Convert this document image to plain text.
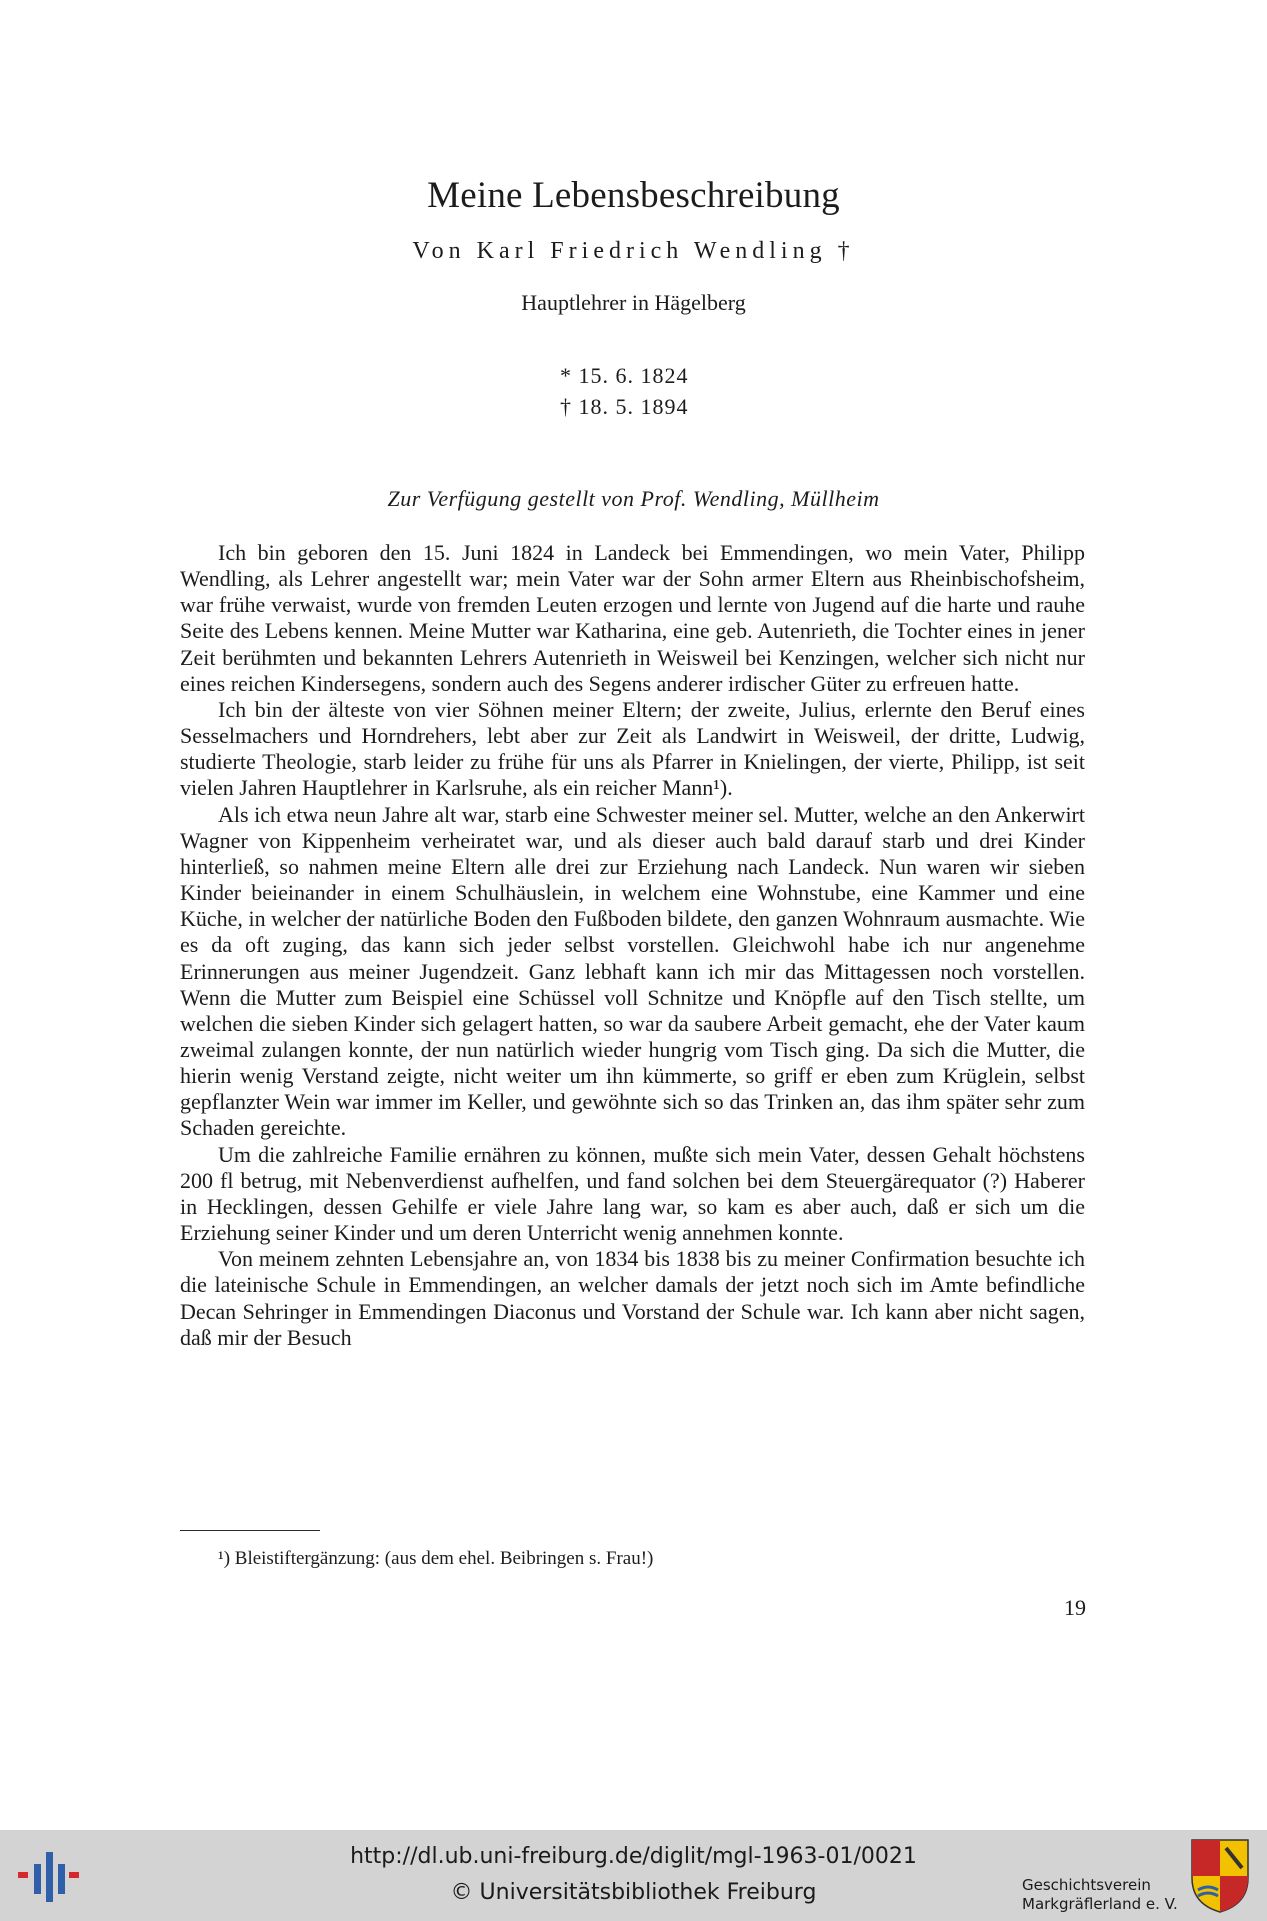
Meine Lebensbeschreibung
Von Karl Friedrich Wendling †
Hauptlehrer in Hägelberg
* 15. 6. 1824
† 18. 5. 1894
Zur Verfügung gestellt von Prof. Wendling, Müllheim

Ich bin geboren den 15. Juni 1824 in Landeck bei Emmendingen, wo mein Vater, Philipp Wendling, als Lehrer angestellt war; mein Vater war der Sohn armer Eltern aus Rheinbischofsheim, war frühe verwaist, wurde von fremden Leuten erzogen und lernte von Jugend auf die harte und rauhe Seite des Lebens kennen. Meine Mutter war Katharina, eine geb. Autenrieth, die Tochter eines in jener Zeit berühmten und bekannten Lehrers Autenrieth in Weisweil bei Kenzingen, welcher sich nicht nur eines reichen Kindersegens, sondern auch des Segens anderer irdischer Güter zu erfreuen hatte.

Ich bin der älteste von vier Söhnen meiner Eltern; der zweite, Julius, erlernte den Beruf eines Sesselmachers und Horndrehers, lebt aber zur Zeit als Landwirt in Weisweil, der dritte, Ludwig, studierte Theologie, starb leider zu frühe für uns als Pfarrer in Knielingen, der vierte, Philipp, ist seit vielen Jahren Hauptlehrer in Karlsruhe, als ein reicher Mann¹).

Als ich etwa neun Jahre alt war, starb eine Schwester meiner sel. Mutter, welche an den Ankerwirt Wagner von Kippenheim verheiratet war, und als dieser auch bald darauf starb und drei Kinder hinterließ, so nahmen meine Eltern alle drei zur Erziehung nach Landeck. Nun waren wir sieben Kinder beieinander in einem Schulhäuslein, in welchem eine Wohnstube, eine Kammer und eine Küche, in welcher der natürliche Boden den Fußboden bildete, den ganzen Wohnraum ausmachte. Wie es da oft zuging, das kann sich jeder selbst vorstellen. Gleichwohl habe ich nur angenehme Erinnerungen aus meiner Jugendzeit. Ganz lebhaft kann ich mir das Mittagessen noch vorstellen. Wenn die Mutter zum Beispiel eine Schüssel voll Schnitze und Knöpfle auf den Tisch stellte, um welchen die sieben Kinder sich gelagert hatten, so war da saubere Arbeit gemacht, ehe der Vater kaum zweimal zulangen konnte, der nun natürlich wieder hungrig vom Tisch ging. Da sich die Mutter, die hierin wenig Verstand zeigte, nicht weiter um ihn kümmerte, so griff er eben zum Krüglein, selbst gepflanzter Wein war immer im Keller, und gewöhnte sich so das Trinken an, das ihm später sehr zum Schaden gereichte.

Um die zahlreiche Familie ernähren zu können, mußte sich mein Vater, dessen Gehalt höchstens 200 fl betrug, mit Nebenverdienst aufhelfen, und fand solchen bei dem Steuergärequator (?) Haberer in Hecklingen, dessen Gehilfe er viele Jahre lang war, so kam es aber auch, daß er sich um die Erziehung seiner Kinder und um deren Unterricht wenig annehmen konnte.

Von meinem zehnten Lebensjahre an, von 1834 bis 1838 bis zu meiner Confirmation besuchte ich die lateinische Schule in Emmendingen, an welcher damals der jetzt noch sich im Amte befindliche Decan Sehringer in Emmendingen Diaconus und Vorstand der Schule war. Ich kann aber nicht sagen, daß mir der Besuch

¹) Bleistiftergänzung: (aus dem ehel. Beibringen s. Frau!)
19
http://dl.ub.uni-freiburg.de/diglit/mgl-1963-01/0021
© Universitätsbibliothek Freiburg	Geschichtsverein
Markgräflerland e. V.
